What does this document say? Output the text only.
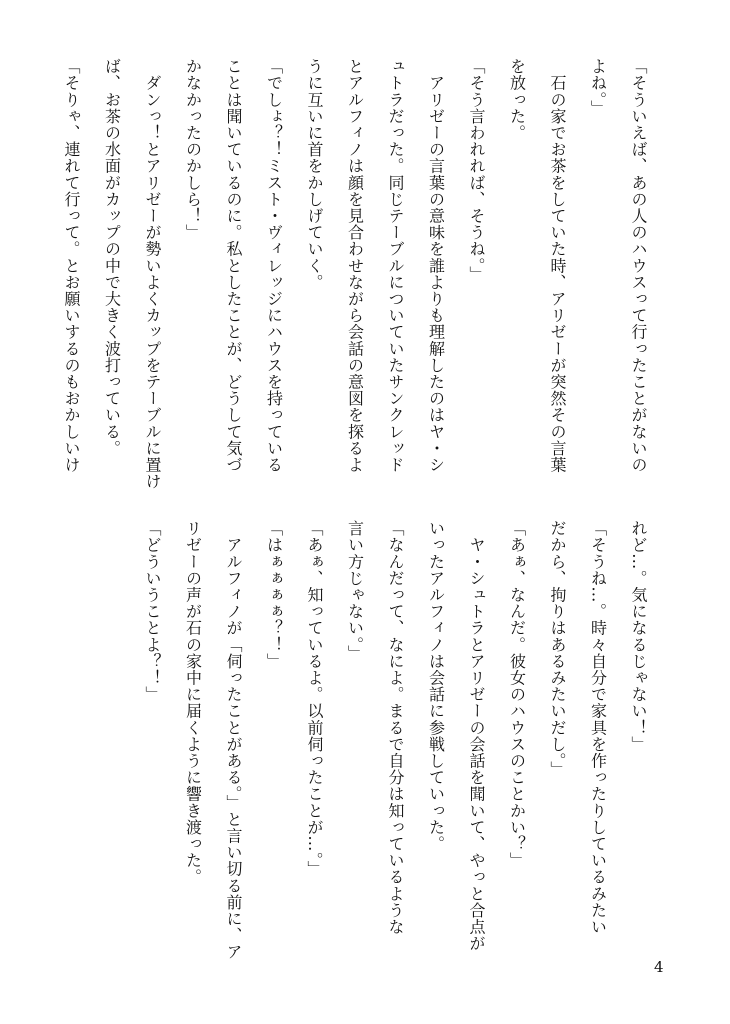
「そういえば、あの人のハウスって行ったことがないの
よね。」
　石の家でお茶をしていた時、アリゼーが突然その言葉
を放った。
「そう言われれば、そうね。」
　アリゼーの言葉の意味を誰よりも理解したのはヤ・シ
ュトラだった。同じテーブルについていたサンクレッド
とアルフィノは顔を見合わせながら会話の意図を探るよ
うに互いに首をかしげていく。
「でしょ？！ミスト・ヴィレッジにハウスを持っている
ことは聞いているのに。私としたことが、どうして気づ
かなかったのかしら！」
　ダンっ！とアリゼーが勢いよくカップをテーブルに置け
ば、お茶の水面がカップの中で大きく波打っている。
「そりゃ、連れて行って。とお願いするのもおかしいけ
れど…。気になるじゃない！」
「そうね…。時々自分で家具を作ったりしているみたい
だから、拘りはあるみたいだし。」
「あぁ、なんだ。彼女のハウスのことかい？」
　ヤ・シュトラとアリゼーの会話を聞いて、やっと合点が
いったアルフィノは会話に参戦していった。
「なんだって、なによ。まるで自分は知っているような
言い方じゃない。」
「あぁ、知っているよ。以前伺ったことが…。」
「はぁぁぁぁ？！」
　アルフィノが「伺ったことがある。」と言い切る前に、ア
リゼーの声が石の家中に届くように響き渡った。
「どういうことよ？！」
4
